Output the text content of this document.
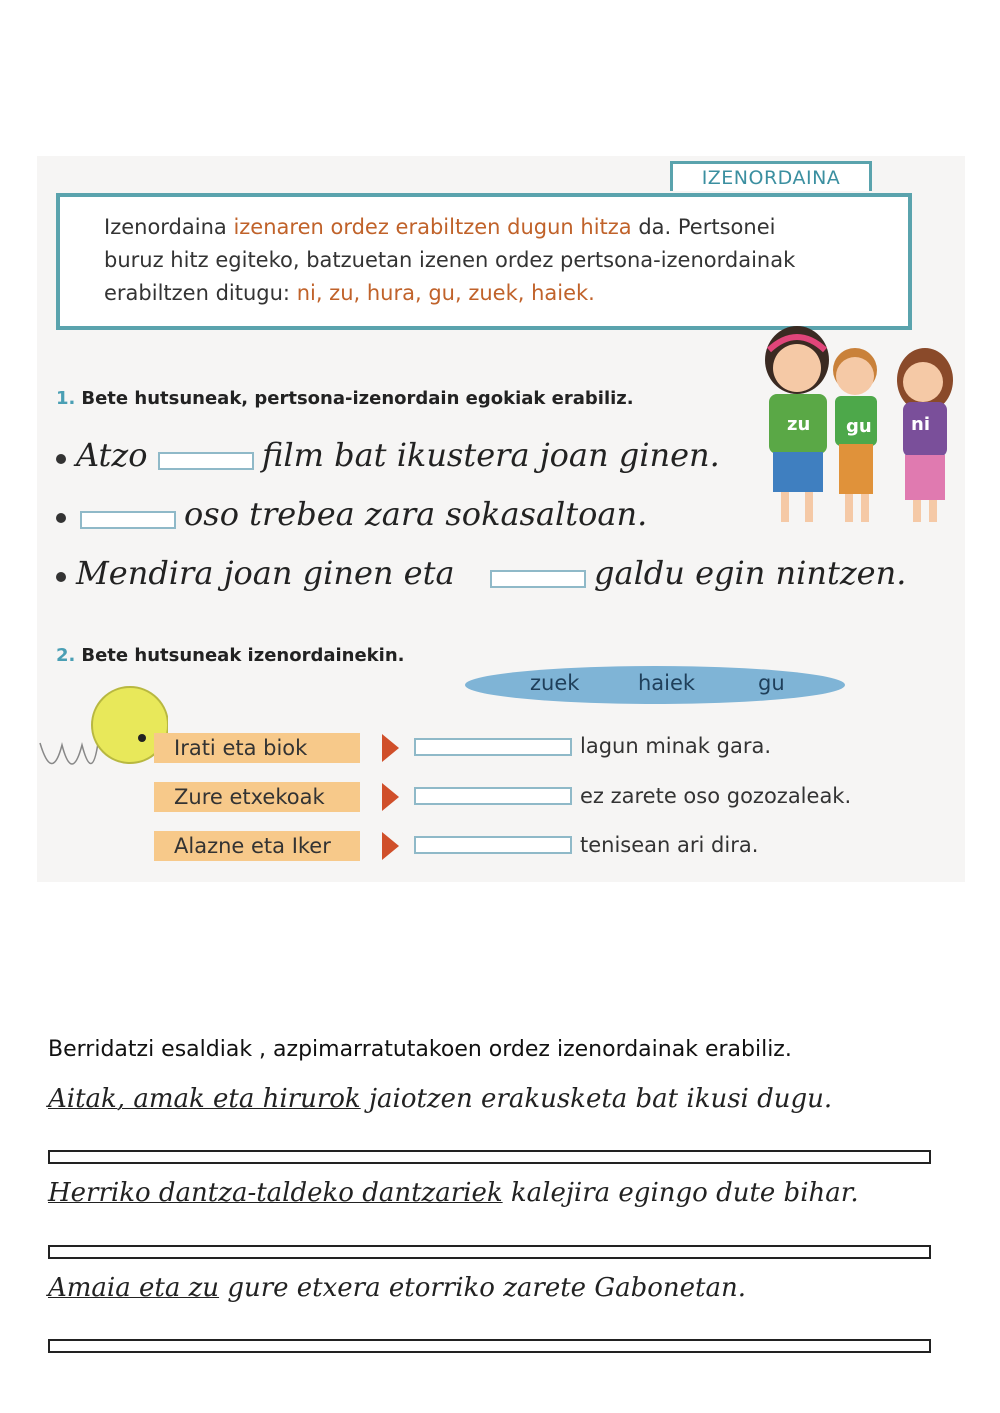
IZENORDAINA
Izenordaina izenaren ordez erabiltzen dugun hitza da. Pertsonei
buruz hitz egiteko, batzuetan izenen ordez pertsona-izenordainak
erabiltzen ditugu: ni, zu, hura, gu, zuek, haiek.
1. Bete hutsuneak, pertsona-izenordain egokiak erabiliz.
Atzo	film bat ikustera joan ginen.
oso trebea zara sokasaltoan.
Mendira joan ginen eta	galdu egin nintzen.
zu gu ni
2. Bete hutsuneak izenordainekin.
zuek	haiek	gu
Irati eta biok	lagun minak gara.
Zure etxekoak	ez zarete oso gozozaleak.
Alazne eta Iker	tenisean ari dira.
Berridatzi esaldiak , azpimarratutakoen ordez izenordainak erabiliz.
Aitak, amak eta hirurok jaiotzen erakusketa bat ikusi dugu.
Herriko dantza-taldeko dantzariek kalejira egingo dute bihar.
Amaia eta zu gure etxera etorriko zarete Gabonetan.
